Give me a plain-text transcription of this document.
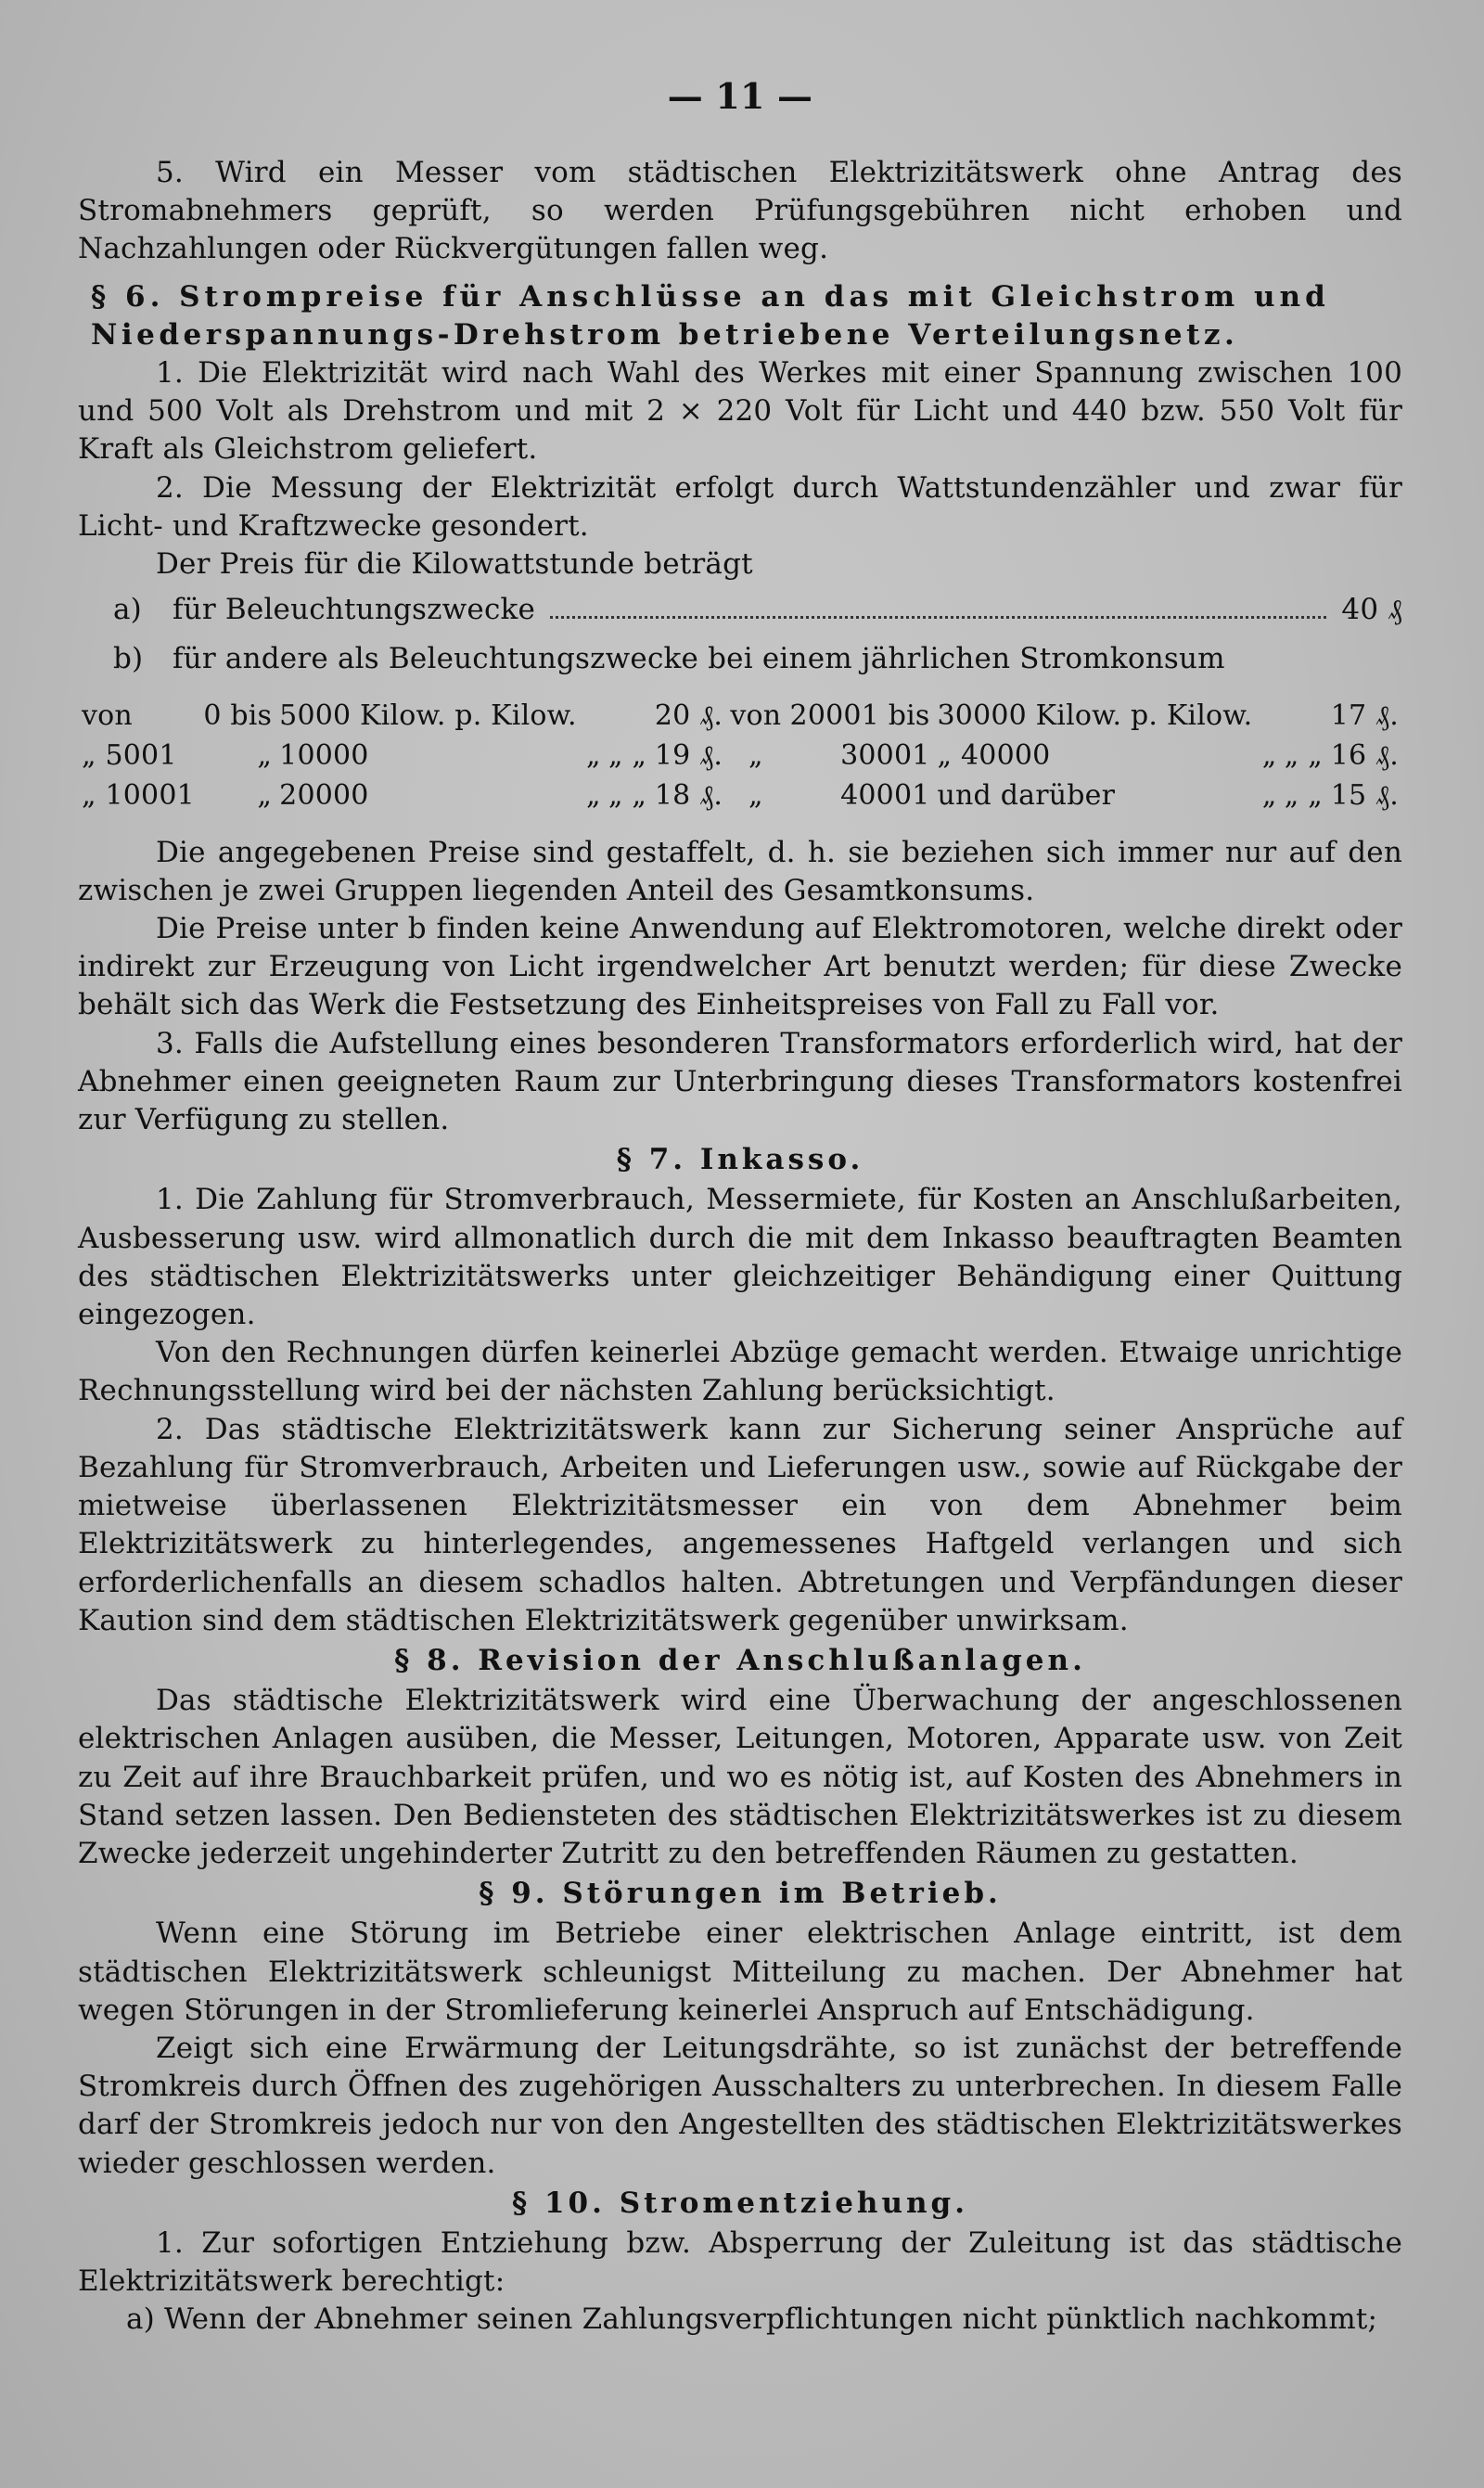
— 11 —

5. Wird ein Messer vom städtischen Elektrizitätswerk ohne Antrag des Stromabnehmers geprüft, so werden Prüfungsgebühren nicht erhoben und Nachzahlungen oder Rückvergütungen fallen weg.

§ 6. Strompreise für Anschlüsse an das mit Gleichstrom und
Niederspannungs-Drehstrom betriebene Verteilungsnetz.

1. Die Elektrizität wird nach Wahl des Werkes mit einer Spannung zwischen 100 und 500 Volt als Drehstrom und mit 2 × 220 Volt für Licht und 440 bzw. 550 Volt für Kraft als Gleichstrom geliefert.

2. Die Messung der Elektrizität erfolgt durch Wattstundenzähler und zwar für Licht- und Kraftzwecke gesondert.

Der Preis für die Kilowattstunde beträgt

a)	für Beleuchtungszwecke	40 ₰
b)	für andere als Beleuchtungszwecke bei einem jährlichen Stromkonsum
von	0 bis	5000 Kilow. p. Kilow.			20 ₰.	von	20001 bis	30000 Kilow. p. Kilow.			17 ₰.
„ 5001	„	10000	„	„ „	19 ₰.	„	30001	„ 40000	„	„ „	16 ₰.
„ 10001	„	20000	„	„ „	18 ₰.	„	40001	und darüber	„	„ „	15 ₰.

Die angegebenen Preise sind gestaffelt, d. h. sie beziehen sich immer nur auf den zwischen je zwei Gruppen liegenden Anteil des Gesamtkonsums.

Die Preise unter b finden keine Anwendung auf Elektromotoren, welche direkt oder indirekt zur Erzeugung von Licht irgendwelcher Art benutzt werden; für diese Zwecke behält sich das Werk die Festsetzung des Einheitspreises von Fall zu Fall vor.

3. Falls die Aufstellung eines besonderen Transformators erforderlich wird, hat der Abnehmer einen geeigneten Raum zur Unterbringung dieses Transformators kostenfrei zur Verfügung zu stellen.

§ 7. Inkasso.

1. Die Zahlung für Stromverbrauch, Messermiete, für Kosten an Anschlußarbeiten, Ausbesserung usw. wird allmonatlich durch die mit dem Inkasso beauftragten Beamten des städtischen Elektrizitätswerks unter gleichzeitiger Behändigung einer Quittung eingezogen.

Von den Rechnungen dürfen keinerlei Abzüge gemacht werden. Etwaige unrichtige Rechnungsstellung wird bei der nächsten Zahlung berücksichtigt.

2. Das städtische Elektrizitätswerk kann zur Sicherung seiner Ansprüche auf Bezahlung für Stromverbrauch, Arbeiten und Lieferungen usw., sowie auf Rückgabe der mietweise überlassenen Elektrizitätsmesser ein von dem Abnehmer beim Elektrizitätswerk zu hinterlegendes, angemessenes Haftgeld verlangen und sich erforderlichenfalls an diesem schadlos halten. Abtretungen und Verpfändungen dieser Kaution sind dem städtischen Elektrizitätswerk gegenüber unwirksam.

§ 8. Revision der Anschlußanlagen.

Das städtische Elektrizitätswerk wird eine Überwachung der angeschlossenen elektrischen Anlagen ausüben, die Messer, Leitungen, Motoren, Apparate usw. von Zeit zu Zeit auf ihre Brauchbarkeit prüfen, und wo es nötig ist, auf Kosten des Abnehmers in Stand setzen lassen. Den Bediensteten des städtischen Elektrizitätswerkes ist zu diesem Zwecke jederzeit ungehinderter Zutritt zu den betreffenden Räumen zu gestatten.

§ 9. Störungen im Betrieb.

Wenn eine Störung im Betriebe einer elektrischen Anlage eintritt, ist dem städtischen Elektrizitätswerk schleunigst Mitteilung zu machen. Der Abnehmer hat wegen Störungen in der Stromlieferung keinerlei Anspruch auf Entschädigung.

Zeigt sich eine Erwärmung der Leitungsdrähte, so ist zunächst der betreffende Stromkreis durch Öffnen des zugehörigen Ausschalters zu unterbrechen. In diesem Falle darf der Stromkreis jedoch nur von den Angestellten des städtischen Elektrizitätswerkes wieder geschlossen werden.

§ 10. Stromentziehung.

1. Zur sofortigen Entziehung bzw. Absperrung der Zuleitung ist das städtische Elektrizitätswerk berechtigt:

a) Wenn der Abnehmer seinen Zahlungsverpflichtungen nicht pünktlich nachkommt;
